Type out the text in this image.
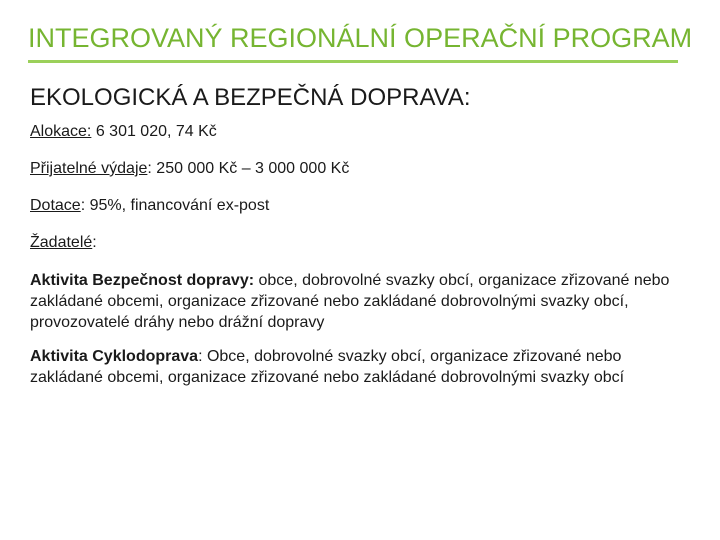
INTEGROVANÝ REGIONÁLNÍ OPERAČNÍ PROGRAM
EKOLOGICKÁ A BEZPEČNÁ DOPRAVA:
Alokace: 6 301 020, 74 Kč
Přijatelné výdaje: 250 000 Kč – 3 000 000 Kč
Dotace: 95%, financování ex-post
Žadatelé:
Aktivita Bezpečnost dopravy: obce, dobrovolné svazky obcí, organizace zřizované nebo zakládané obcemi, organizace zřizované nebo zakládané dobrovolnými svazky obcí, provozovatelé dráhy nebo drážní dopravy
Aktivita Cyklodoprava: Obce, dobrovolné svazky obcí, organizace zřizované nebo zakládané obcemi, organizace zřizované nebo zakládané dobrovolnými svazky obcí
